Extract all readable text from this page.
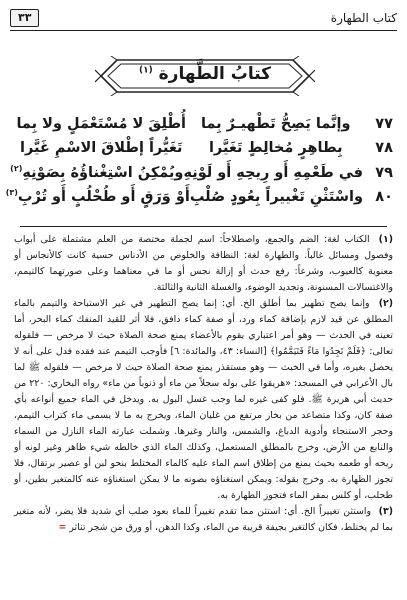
كتاب الطهارة
٣٣
كتابُ الطَّهارة $^{(١)}$
٧٧
وإنَّما يَصِحُّ تَطْهيـرٌ بِما
أُطْلِقَ لا مُسْتَعْمَلٍ ولا بِما
٧٨
بِطاهِرٍ مُخالِطٍ تَغَيَّرا
تَغَيُّراً إطْلاقَ الاسْمِ غَيَّرا
٧٩
في طَعْمِهِ أَو رِيحِهِ أَو لَوْنِهِ
ويُمْكِنُ اسْتِغْناؤُهُ بِصَوْنِهِ$^{(٢)}$
٨٠
واسْتَثْنِ تَغْييراً بِعُودٍ صُلْبِ
أَوْ وَرَقٍ أَو طُحْلُبٍ أَو تُرْبِ$^{(٣)}$

(١) الكتاب لغة: الضم والجمع، واصطلاحاً: اسم لجملة مختصة من العلم مشتملة على أبواب وفصول ومسائل غالباً. والطهارة لغة: النظافة والخلوص من الأدناس حسية كانت كالأنجاس أو معنوية كالعيوب، وشرعاً: رفع حدث أو إزالة نجس أو ما في معناهما وعلى صورتهما كالتيمم، والاغتسالات المسنونة، وتجديد الوضوء، والغسلة الثانية والثالثة.

(٢) وإنما يصح تطهير بما أطلق الخ. أي: إنما يصح التطهير في غير الاستباحة والتيمم بالماء المطلق عن قيد لازم بإضافة كماء ورد، أو صفة كماء دافق، فلا أثر للقيد المنفك كماء البحر، أما تعينه في الحدث — وهو أمر اعتباري يقوم بالأعضاء يمنع صحة الصلاة حيث لا مرخص — فلقوله تعالى: ﴿فَلَمْ تَجِدُوا مَاءً فَتَيَمَّمُوا﴾ [النساء: ٤٣، والمائدة: ٦] فأوجب التيمم عند فقده فدل على أنه لا يحصل بغيره، وأما في الخبث — وهو مستقذر يمنع صحة الصلاة حيث لا مرخص — فلقوله ﷺ لما بال الأعرابي في المسجد: «هريقوا على بوله سجلاً من ماء أو ذنوباً من ماء» رواه البخاري: ٢٢٠ من حديث أبي هريرة ﷺ. فلو كفى غيره لما وجب غسل البول به. ويدخل في الماء جميع أنواعه بأي صفة كان، وكذا متصاعد من بخار مرتفع من غليان الماء، ويخرج به ما لا يسمى ماء كتراب التيمم، وحجر الاستنجاء وأدوية الدباغ، والشمس، والنار وغيرها. وشملت عبارته الماء النازل من السماء والنابع من الأرض، وخرج بالمطلق المستعمل، وكذلك الماء الذي خالطه شيء طاهر وغير لونه أو ريحه أو طعمه بحيث يمنع من إطلاق اسم الماء عليه كالماء المختلط بنحو لبن أو عصير برتقال، فلا تجوز الطهارة به. وخرج بقوله: ويمكن استغناؤه بصونه ما لا يمكن استغناؤه عنه كالمتغير بطين، أو طحلب، أو كلس بمقر الماء فتجوز الطهارة به.

(٣) واستثن تغييراً الخ. أي: استثن مما تقدم تغييراً للماء بعود صلب أي شديد فلا يضر، لأنه متغير بما لم يختلط، فكان كالتغير بجيفة قريبة من الماء، وكذا الدهن، أو ورق من شجر تناثر =
